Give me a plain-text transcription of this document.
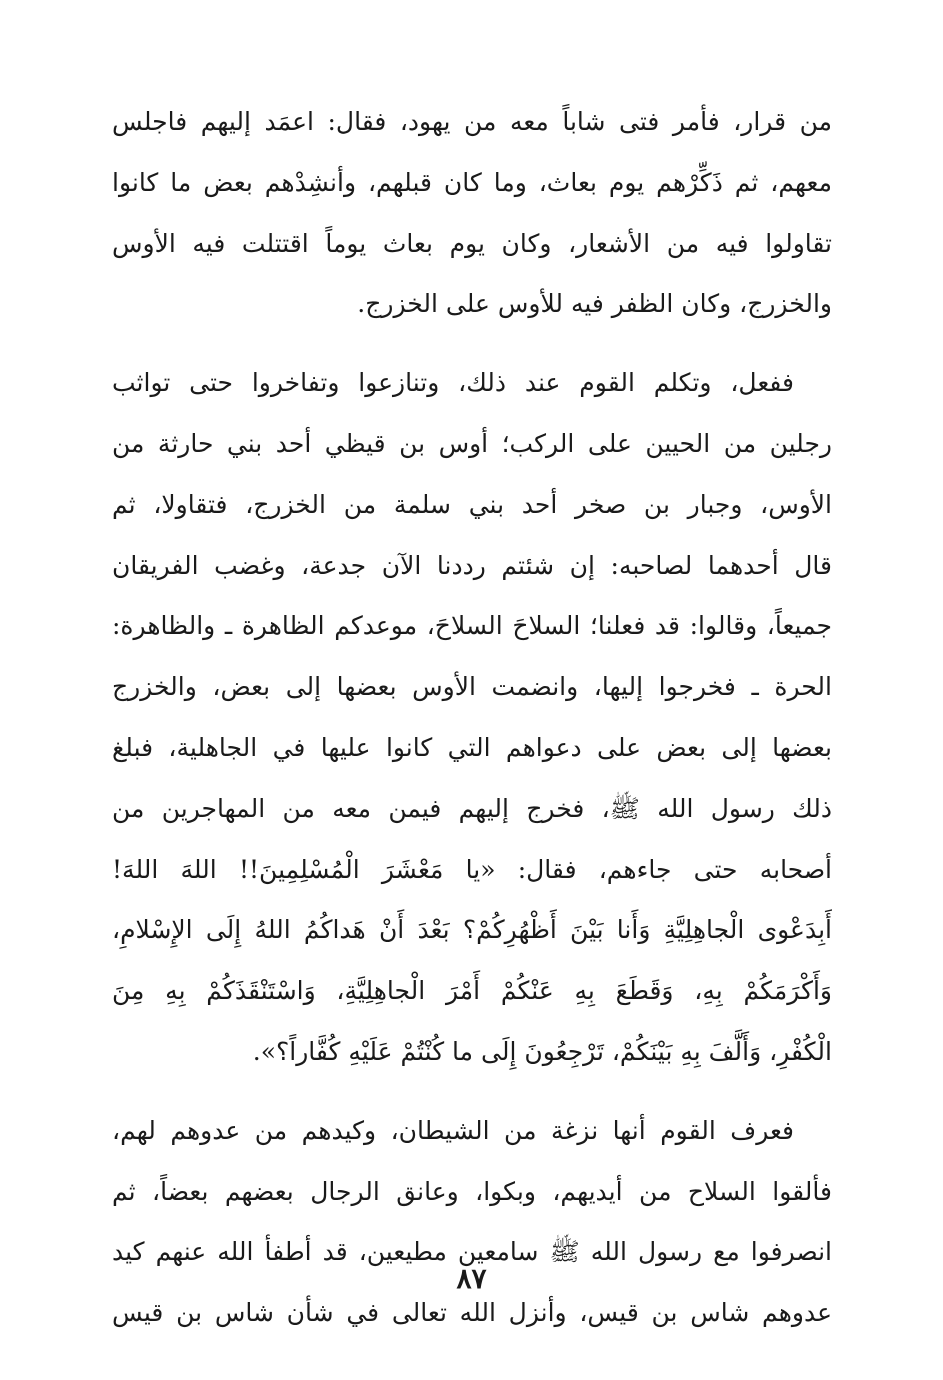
من قرار، فأمر فتى شاباً معه من يهود، فقال: اعمَد إليهم فاجلس
معهم، ثم ذَكِّرْهم يوم بعاث، وما كان قبلهم، وأنشِدْهم بعض ما كانوا
تقاولوا فيه من الأشعار، وكان يوم بعاث يوماً اقتتلت فيه الأوس
والخزرج، وكان الظفر فيه للأوس على الخزرج.
ففعل، وتكلم القوم عند ذلك، وتنازعوا وتفاخروا حتى تواثب
رجلين من الحيين على الركب؛ أوس بن قيظي أحد بني حارثة من
الأوس، وجبار بن صخر أحد بني سلمة من الخزرج، فتقاولا، ثم
قال أحدهما لصاحبه: إن شئتم رددنا الآن جدعة، وغضب الفريقان
جميعاً، وقالوا: قد فعلنا؛ السلاحَ السلاحَ، موعدكم الظاهرة ـ والظاهرة:
الحرة ـ فخرجوا إليها، وانضمت الأوس بعضها إلى بعض، والخزرج
بعضها إلى بعض على دعواهم التي كانوا عليها في الجاهلية، فبلغ
ذلك رسول الله ﷺ، فخرج إليهم فيمن معه من المهاجرين من
أصحابه حتى جاءهم، فقال: «يا مَعْشَرَ الْمُسْلِمِينَ!! اللهَ اللهَ!
أَبِدَعْوى الْجاهِلِيَّةِ وَأَنا بَيْنَ أَظْهُرِكُمْ؟ بَعْدَ أَنْ هَداكُمُ اللهُ إِلَى الإِسْلامِ،
وَأَكْرَمَكُمْ بِهِ، وَقَطَعَ بِهِ عَنْكُمْ أَمْرَ الْجاهِلِيَّةِ، وَاسْتَنْقَذَكُمْ بِهِ مِنَ
الْكُفْرِ، وَأَلَّفَ بِهِ بَيْنَكُمْ، تَرْجِعُونَ إِلَى ما كُنْتُمْ عَلَيْهِ كُفَّاراً؟».
فعرف القوم أنها نزغة من الشيطان، وكيدهم من عدوهم لهم،
فألقوا السلاح من أيديهم، وبكوا، وعانق الرجال بعضهم بعضاً، ثم
انصرفوا مع رسول الله ﷺ سامعين مطيعين، قد أطفأ الله عنهم كيد
عدوهم شاس بن قيس، وأنزل الله تعالى في شأن شاس بن قيس
٨٧
